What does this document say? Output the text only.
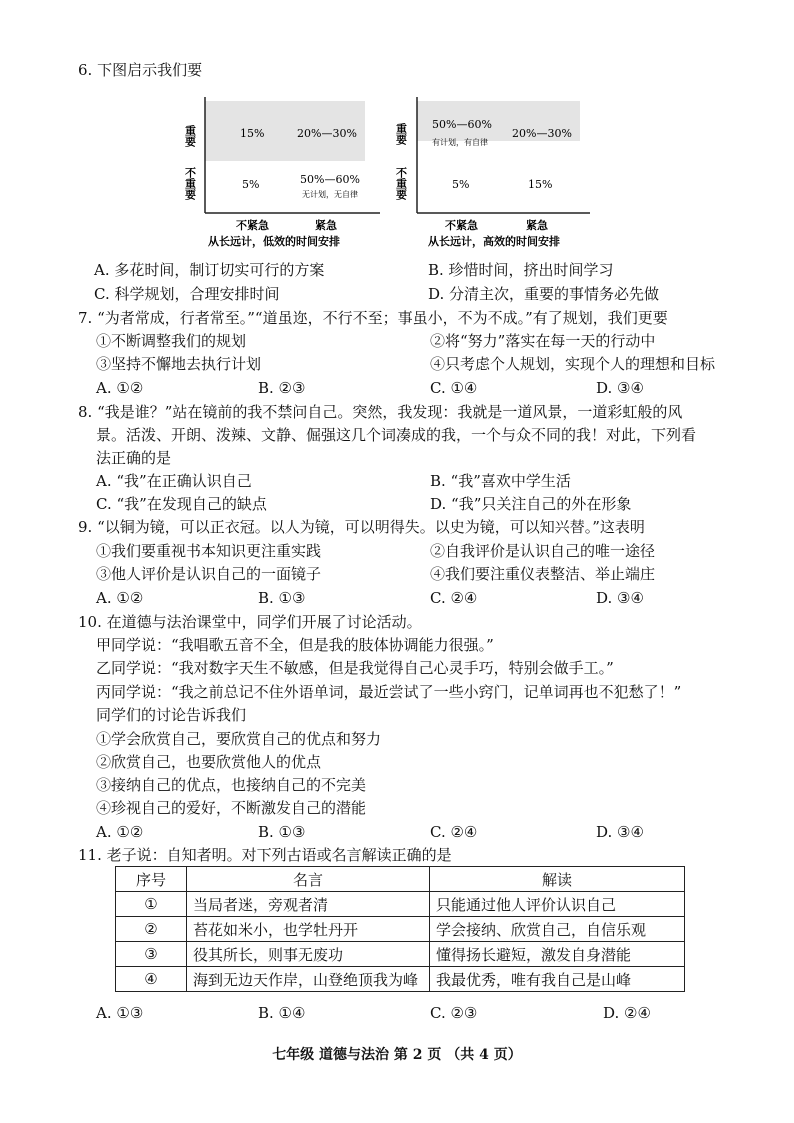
6. 下图启示我们要
重要
不重要
15%	20%—30%
5%	50%—60%
无计划，无自律
不紧急	紧急
从长远计，低效的时间安排
重要
不重要
50%—60%
有计划，有自律
20%—30%
5%	15%
不紧急	紧急
从长远计，高效的时间安排
A. 多花时间，制订切实可行的方案	B. 珍惜时间，挤出时间学习
C. 科学规划，合理安排时间	D. 分清主次，重要的事情务必先做
7. “为者常成，行者常至。”“道虽迩，不行不至；事虽小，不为不成。”有了规划，我们更要
①不断调整我们的规划	②将“努力”落实在每一天的行动中
③坚持不懈地去执行计划	④只考虑个人规划，实现个人的理想和目标
A. ①②	B. ②③	C. ①④	D. ③④
8. “我是谁？”站在镜前的我不禁问自己。突然，我发现：我就是一道风景，一道彩虹般的风
景。活泼、开朗、泼辣、文静、倔强这几个词凑成的我，一个与众不同的我！对此，下列看
法正确的是
A. “我”在正确认识自己	B. “我”喜欢中学生活
C. “我”在发现自己的缺点	D. “我”只关注自己的外在形象
9. “以铜为镜，可以正衣冠。以人为镜，可以明得失。以史为镜，可以知兴替。”这表明
①我们要重视书本知识更注重实践	②自我评价是认识自己的唯一途径
③他人评价是认识自己的一面镜子	④我们要注重仪表整洁、举止端庄
A. ①②	B. ①③	C. ②④	D. ③④
10. 在道德与法治课堂中，同学们开展了讨论活动。
甲同学说：“我唱歌五音不全，但是我的肢体协调能力很强。”
乙同学说：“我对数字天生不敏感，但是我觉得自己心灵手巧，特别会做手工。”
丙同学说：“我之前总记不住外语单词，最近尝试了一些小窍门，记单词再也不犯愁了！”
同学们的讨论告诉我们
①学会欣赏自己，要欣赏自己的优点和努力
②欣赏自己，也要欣赏他人的优点
③接纳自己的优点，也接纳自己的不完美
④珍视自己的爱好，不断激发自己的潜能
A. ①②	B. ①③	C. ②④	D. ③④
11. 老子说：自知者明。对下列古语或名言解读正确的是
序号	名言	解读
①	当局者迷，旁观者清	只能通过他人评价认识自己
②	苔花如米小，也学牡丹开	学会接纳、欣赏自己，自信乐观
③	役其所长，则事无废功	懂得扬长避短，激发自身潜能
④	海到无边天作岸，山登绝顶我为峰	我最优秀，唯有我自己是山峰
A. ①③	B. ①④	C. ②③	D. ②④
七年级 道德与法治 第 2 页 （共 4 页）
